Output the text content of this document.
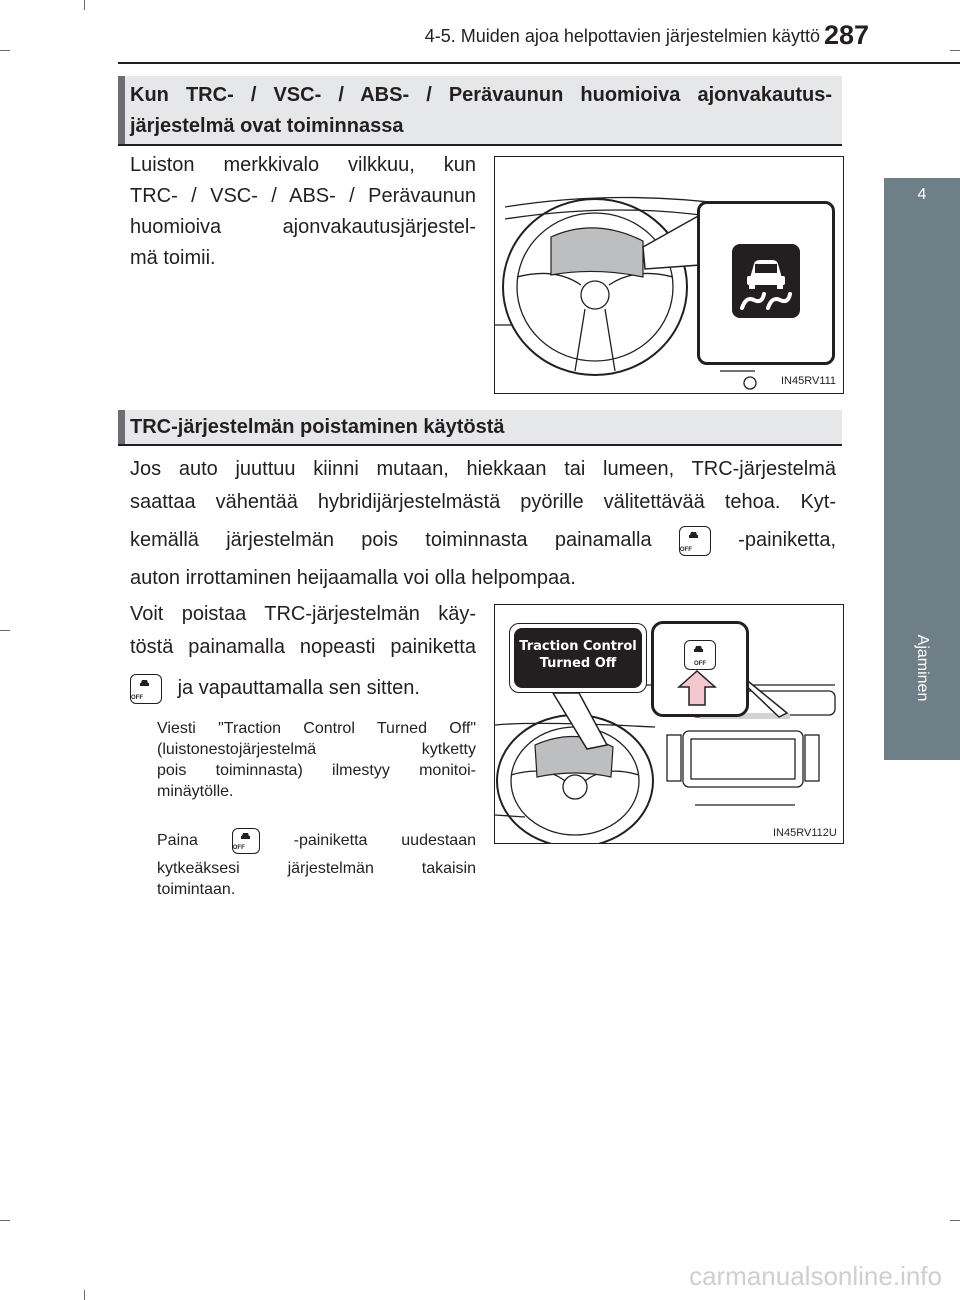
4-5. Muiden ajoa helpottavien järjestelmien käyttö 287
4
Ajaminen
Kun TRC- / VSC- / ABS- / Perävaunun huomioiva ajonvakautus-
järjestelmä ovat toiminnassa
Luiston merkkivalo vilkkuu, kun
TRC- / VSC- / ABS- / Perävaunun
huomioiva ajonvakautusjärjestel-
mä toimii.
IN45RV111
TRC-järjestelmän poistaminen käytöstä
Jos auto juuttuu kiinni mutaan, hiekkaan tai lumeen, TRC-järjestelmä
saattaa vähentää hybridijärjestelmästä pyörille välitettävää tehoa. Kyt-
kemällä järjestelmän pois toiminnasta painamalla	OFF	-painiketta,
auton irrottaminen heijaamalla voi olla helpompaa.
Voit poistaa TRC-järjestelmän käy-
töstä painamalla nopeasti painiketta
OFF	ja vapauttamalla sen sitten.
Viesti "Traction Control Turned Off"
(luistonestojärjestelmä kytketty
pois toiminnasta) ilmestyy monitoi-
minäytölle.
Paina	OFF	-painiketta uudestaan
kytkeäksesi järjestelmän takaisin
toimintaan.
Traction Control
Turned Off	OFF
IN45RV112U
carmanualsonline.info
